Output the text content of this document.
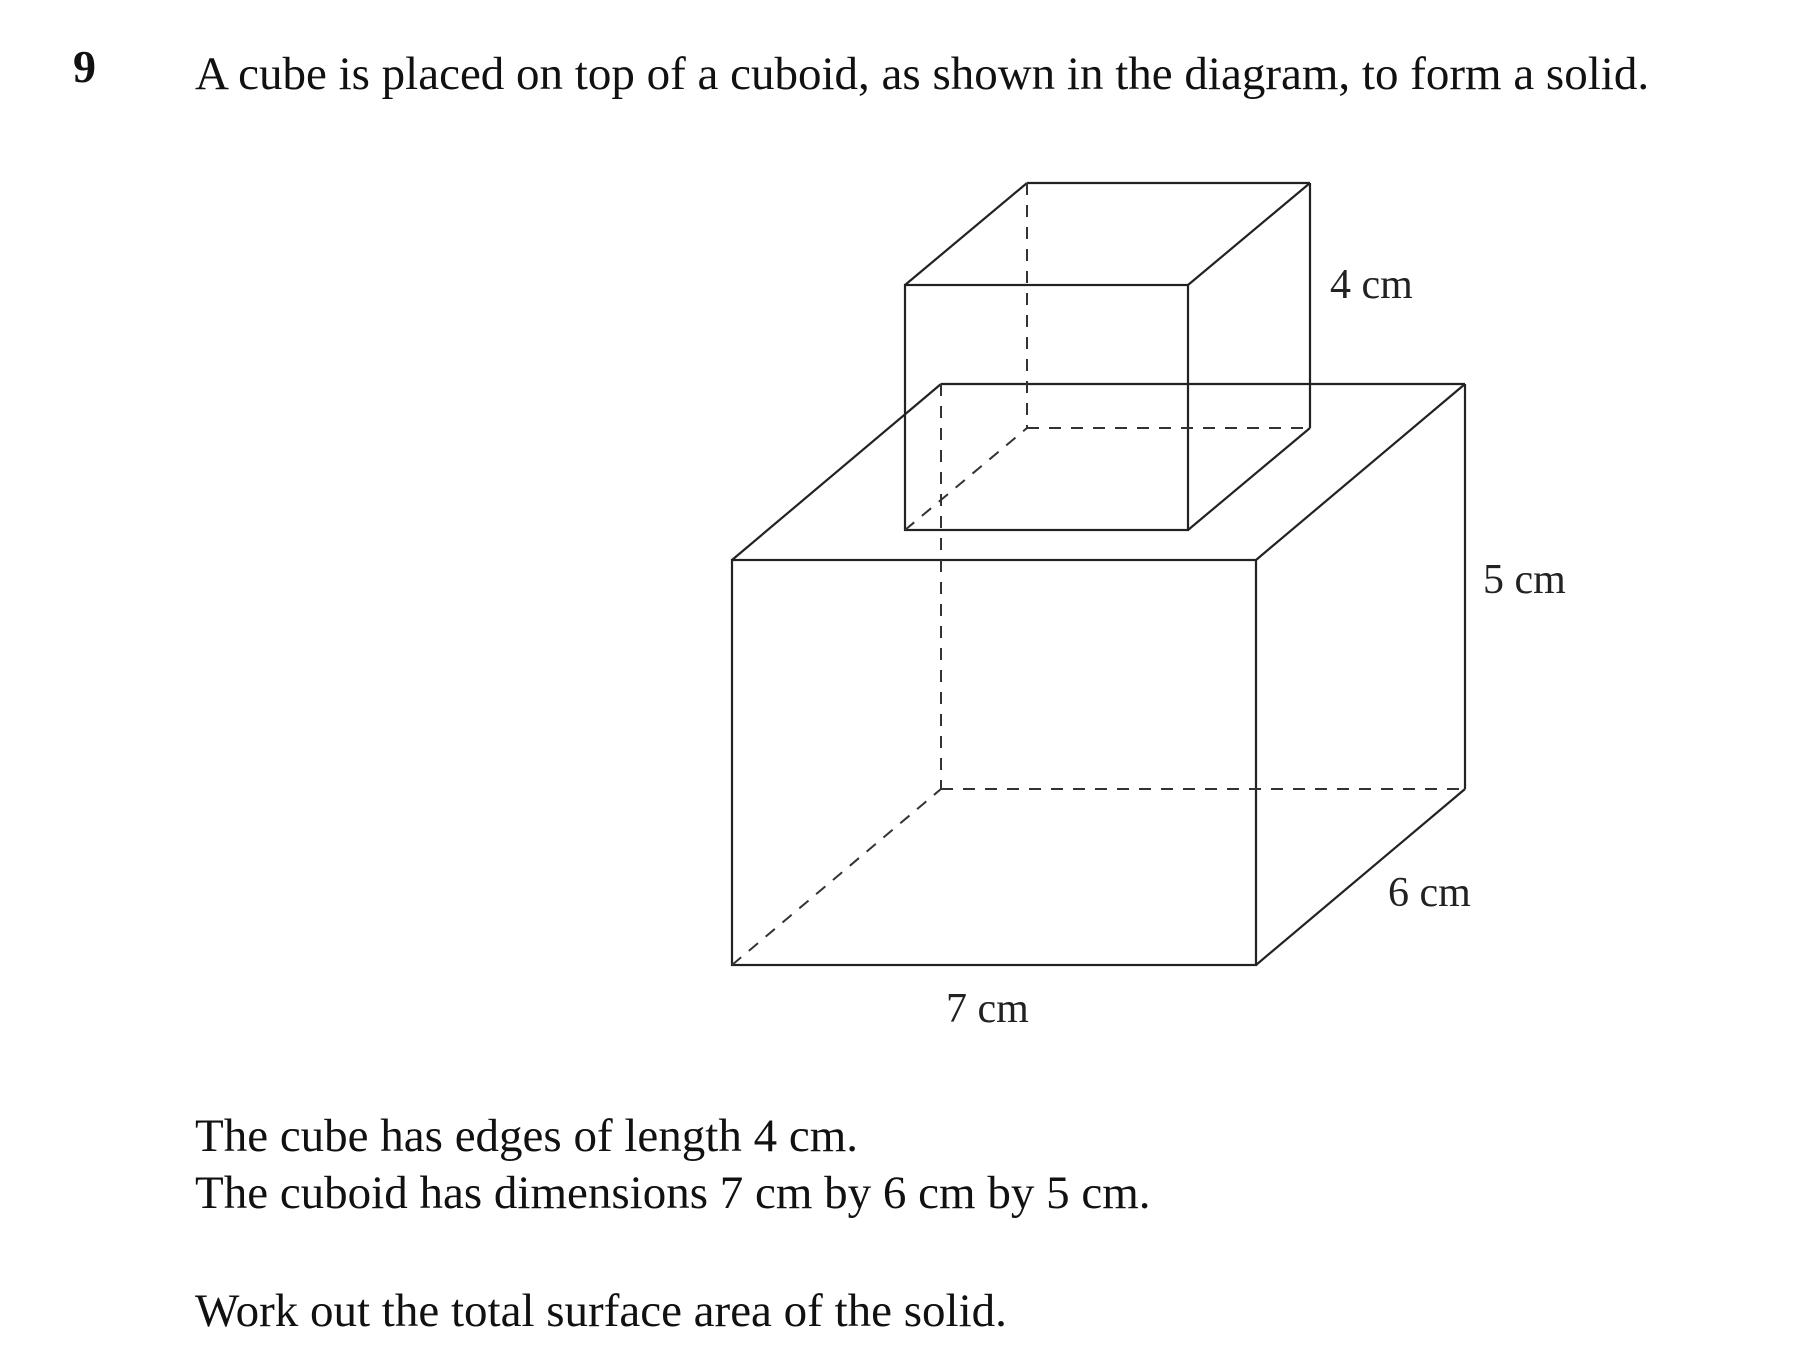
9 A cube is placed on top of a cuboid, as shown in the diagram, to form a solid.
4 cm
5 cm
6 cm
7 cm
The cube has edges of length 4 cm.
The cuboid has dimensions 7 cm by 6 cm by 5 cm.
Work out the total surface area of the solid.
